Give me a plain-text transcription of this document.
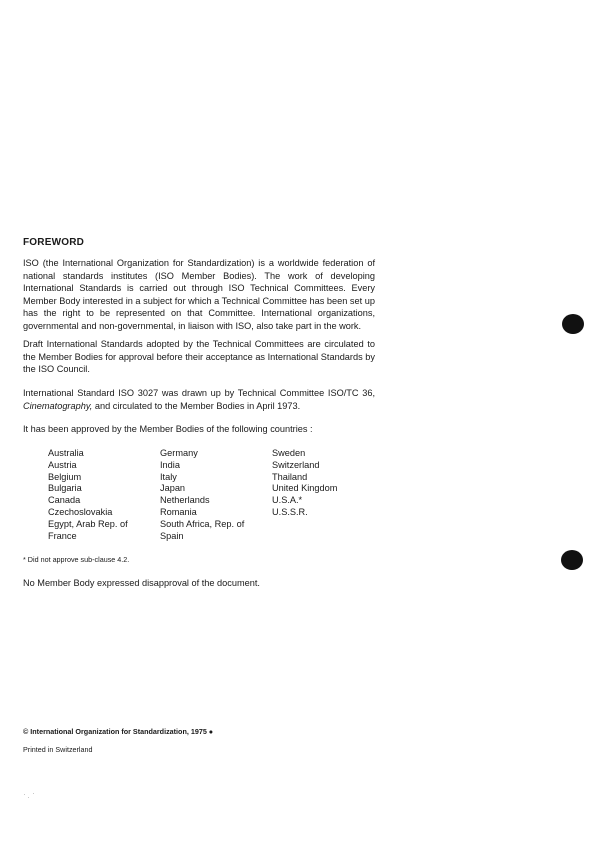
FOREWORD

ISO (the International Organization for Standardization) is a worldwide federation of national standards institutes (ISO Member Bodies). The work of developing International Standards is carried out through ISO Technical Committees. Every Member Body interested in a subject for which a Technical Committee has been set up has the right to be represented on that Committee. International organizations, governmental and non-governmental, in liaison with ISO, also take part in the work.

Draft International Standards adopted by the Technical Committees are circulated to the Member Bodies for approval before their acceptance as International Standards by the ISO Council.

International Standard ISO 3027 was drawn up by Technical Committee ISO/TC 36, Cinematography, and circulated to the Member Bodies in April 1973.

It has been approved by the Member Bodies of the following countries :

Australia
Austria
Belgium
Bulgaria
Canada
Czechoslovakia
Egypt, Arab Rep. of
France
Germany
India
Italy
Japan
Netherlands
Romania
South Africa, Rep. of
Spain
Sweden
Switzerland
Thailand
United Kingdom
U.S.A.*
U.S.S.R.
* Did not approve sub-clause 4.2.

No Member Body expressed disapproval of the document.

© International Organization for Standardization, 1975 ●
Printed in Switzerland
